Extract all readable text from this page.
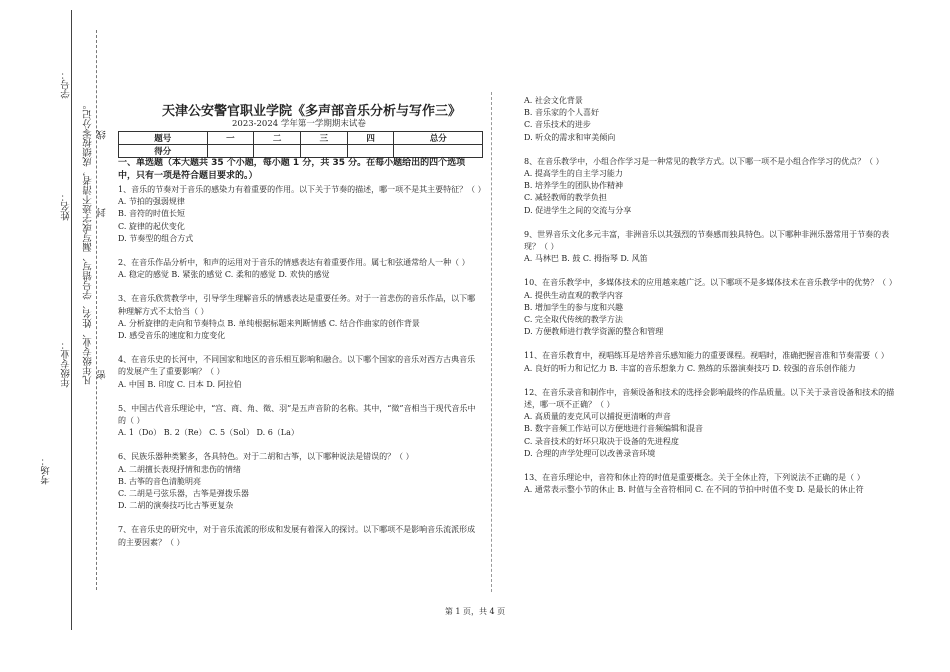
学号：
姓名：
年级专业：
考场：
凡年级专业、姓名、学号错写、漏写或字迹不清者，成绩按零分记。 密
封
线
天津公安警官职业学院《多声部音乐分析与写作三》
2023-2024 学年第一学期期末试卷
题号	一	二	三	四	总分
得分					
一、单选题（本大题共 35 个小题，每小题 1 分，共 35 分。在每小题给出的四个选项中，只有一项是符合题目要求的。）

1、音乐的节奏对于音乐的感染力有着重要的作用。以下关于节奏的描述，哪一项不是其主要特征？（ ）

A. 节拍的强弱规律

B. 音符的时值长短

C. 旋律的起伏变化

D. 节奏型的组合方式

2、在音乐作品分析中，和声的运用对于音乐的情感表达有着重要作用。属七和弦通常给人一种（ ）

A. 稳定的感觉 B. 紧张的感觉 C. 柔和的感觉 D. 欢快的感觉

3、在音乐欣赏教学中，引导学生理解音乐的情感表达是重要任务。对于一首悲伤的音乐作品，以下哪种理解方式不太恰当（ ）

A. 分析旋律的走向和节奏特点 B. 单纯根据标题来判断情感 C. 结合作曲家的创作背景

D. 感受音乐的速度和力度变化

4、在音乐史的长河中，不同国家和地区的音乐相互影响和融合。以下哪个国家的音乐对西方古典音乐的发展产生了重要影响？（ ）

A. 中国 B. 印度 C. 日本 D. 阿拉伯

5、中国古代音乐理论中，“宫、商、角、徵、羽”是五声音阶的名称。其中，“徵”音相当于现代音乐中的（ ）

A. 1（Do） B. 2（Re） C. 5（Sol） D. 6（La）

6、民族乐器种类繁多，各具特色。对于二胡和古筝，以下哪种说法是错误的？（ ）

A. 二胡擅长表现抒情和悲伤的情绪

B. 古筝的音色清脆明亮

C. 二胡是弓弦乐器，古筝是弹拨乐器

D. 二胡的演奏技巧比古筝更复杂

7、在音乐史的研究中，对于音乐流派的形成和发展有着深入的探讨。以下哪项不是影响音乐流派形成的主要因素？（ ）

A. 社会文化背景

B. 音乐家的个人喜好

C. 音乐技术的进步

D. 听众的需求和审美倾向

8、在音乐教学中，小组合作学习是一种常见的教学方式。以下哪一项不是小组合作学习的优点？（ ）

A. 提高学生的自主学习能力

B. 培养学生的团队协作精神

C. 减轻教师的教学负担

D. 促进学生之间的交流与分享

9、世界音乐文化多元丰富，非洲音乐以其强烈的节奏感而独具特色。以下哪种非洲乐器常用于节奏的表现？（ ）

A. 马林巴 B. 鼓 C. 拇指琴 D. 风笛

10、在音乐教学中，多媒体技术的应用越来越广泛。以下哪项不是多媒体技术在音乐教学中的优势？（ ）

A. 提供生动直观的教学内容

B. 增加学生的参与度和兴趣

C. 完全取代传统的教学方法

D. 方便教师进行教学资源的整合和管理

11、在音乐教育中，视唱练耳是培养音乐感知能力的重要课程。视唱时，准确把握音准和节奏需要（ ）

A. 良好的听力和记忆力 B. 丰富的音乐想象力 C. 熟练的乐器演奏技巧 D. 较强的音乐创作能力

12、在音乐录音和制作中，音频设备和技术的选择会影响最终的作品质量。以下关于录音设备和技术的描述，哪一项不正确？（ ）

A. 高质量的麦克风可以捕捉更清晰的声音

B. 数字音频工作站可以方便地进行音频编辑和混音

C. 录音技术的好坏只取决于设备的先进程度

D. 合理的声学处理可以改善录音环境

13、在音乐理论中，音符和休止符的时值是重要概念。关于全休止符，下列说法不正确的是（ ）

A. 通常表示整小节的休止 B. 时值与全音符相同 C. 在不同的节拍中时值不变 D. 是最长的休止符

第 1 页，共 4 页
